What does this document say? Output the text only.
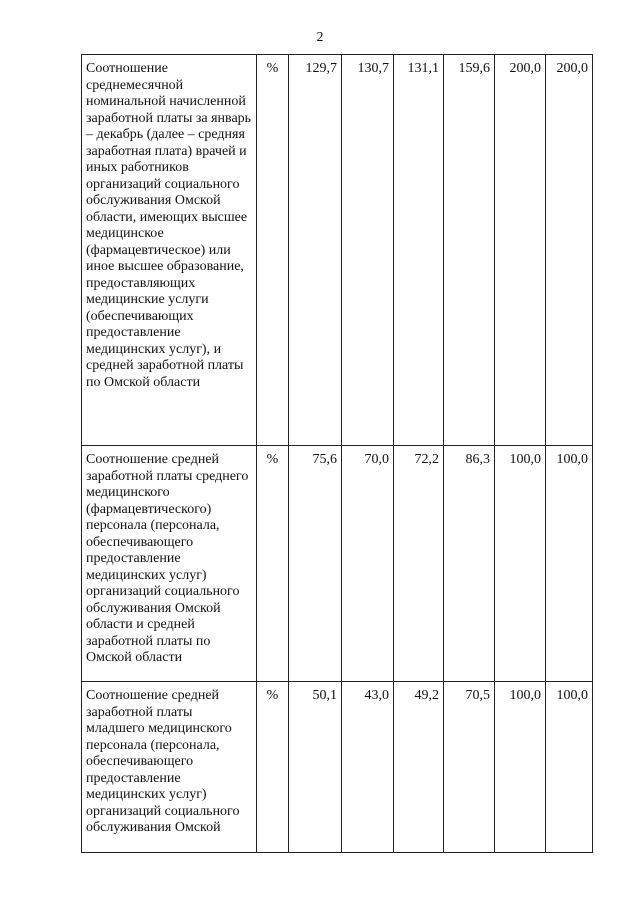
2
Соотношение среднемесячной номинальной начисленной заработной платы за январь – декабрь (далее – средняя заработная плата) врачей и иных работников организаций социального обслуживания Омской области, имеющих высшее медицинское (фармацевтическое) или иное высшее образование, предоставляющих медицинские услуги (обеспечивающих предоставление медицинских услуг), и средней заработной платы по Омской области	%	129,7	130,7	131,1	159,6	200,0	200,0
Соотношение средней заработной платы среднего медицинского (фармацевтического) персонала (персонала, обеспечивающего предоставление медицинских услуг) организаций социального обслуживания Омской области и средней заработной платы по Омской области	%	75,6	70,0	72,2	86,3	100,0	100,0
Соотношение средней заработной платы младшего медицинского персонала (персонала, обеспечивающего предоставление медицинских услуг) организаций социального обслуживания Омской	%	50,1	43,0	49,2	70,5	100,0	100,0
